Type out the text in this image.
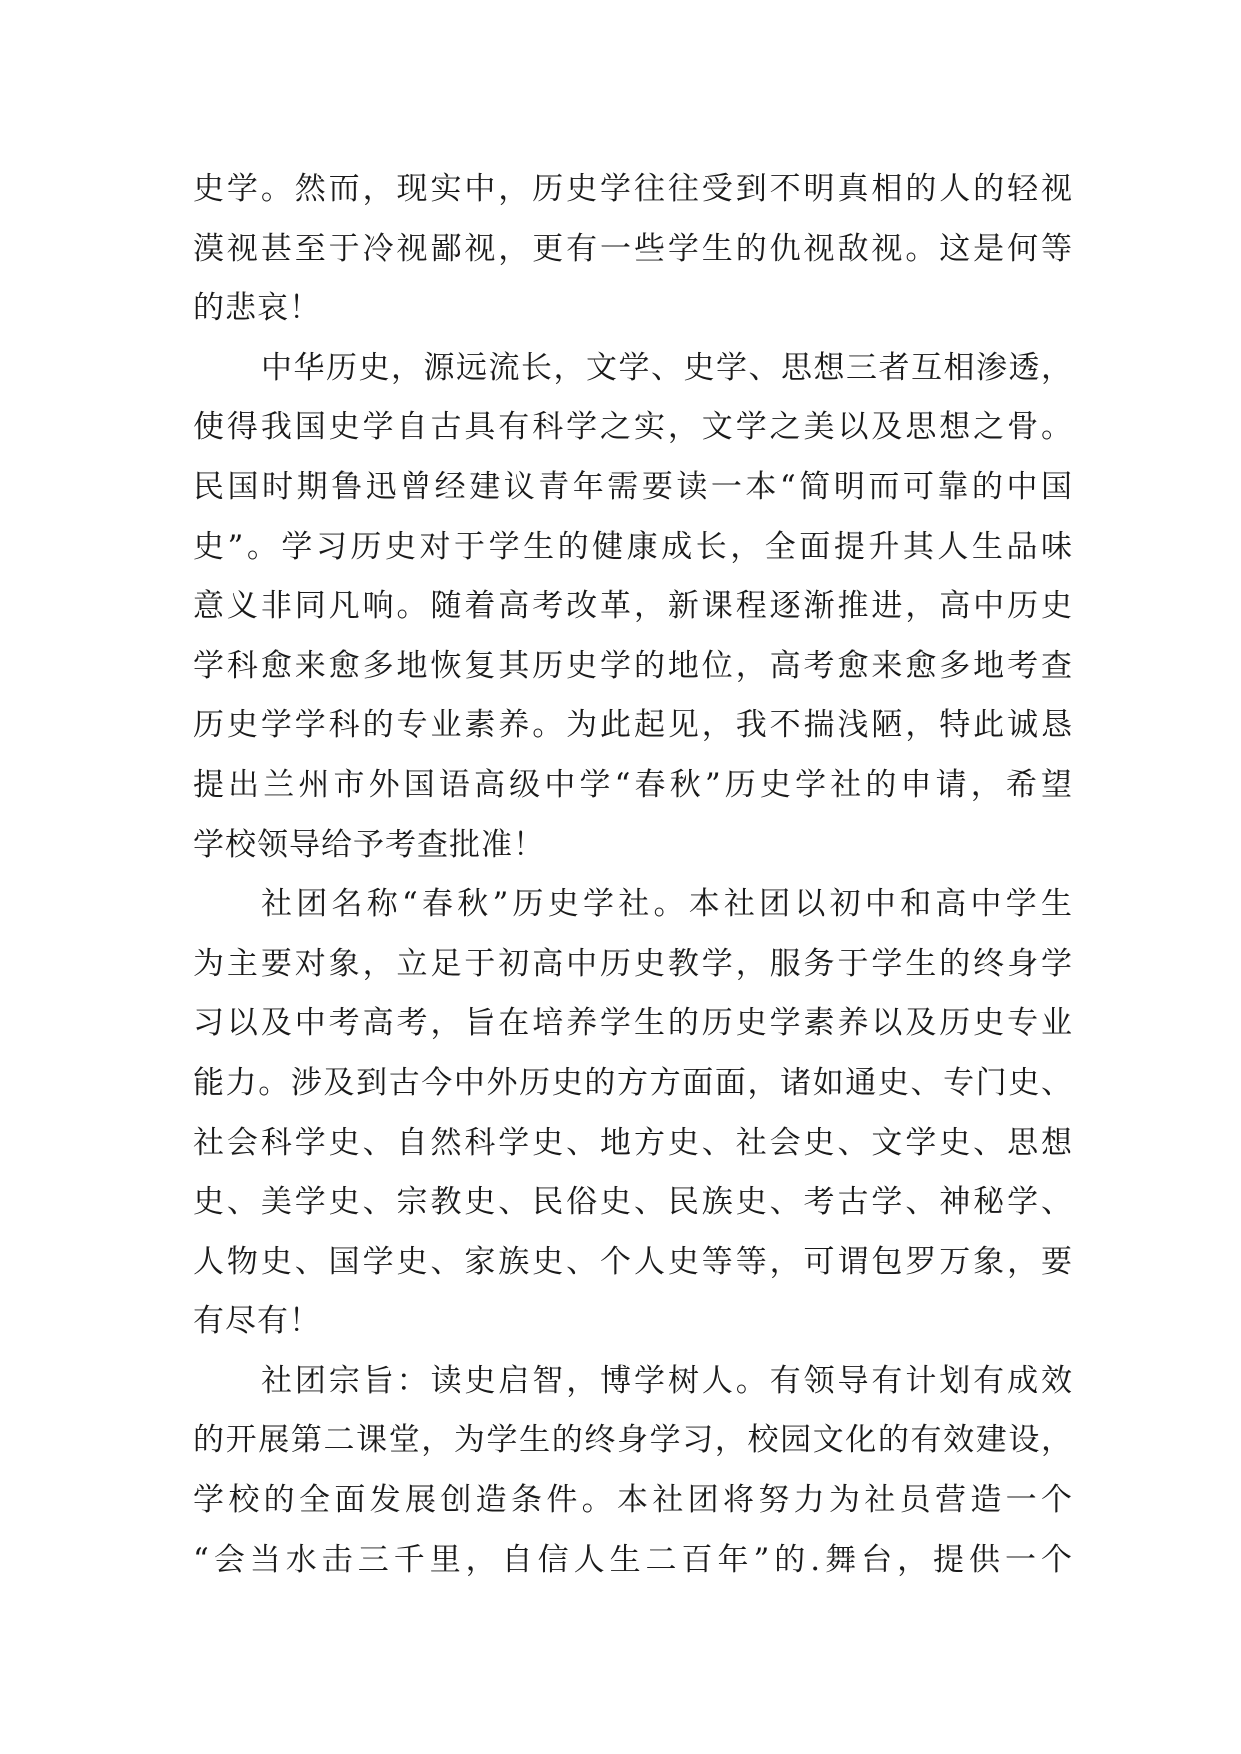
史学。然而，现实中，历史学往往受到不明真相的人的轻视
漠视甚至于冷视鄙视，更有一些学生的仇视敌视。这是何等
的悲哀！
中华历史，源远流长，文学、史学、思想三者互相渗透，
使得我国史学自古具有科学之实，文学之美以及思想之骨。
民国时期鲁迅曾经建议青年需要读一本“简明而可靠的中国
史”。学习历史对于学生的健康成长，全面提升其人生品味
意义非同凡响。随着高考改革，新课程逐渐推进，高中历史
学科愈来愈多地恢复其历史学的地位，高考愈来愈多地考查
历史学学科的专业素养。为此起见，我不揣浅陋，特此诚恳
提出兰州市外国语高级中学“春秋”历史学社的申请，希望
学校领导给予考查批准！
社团名称“春秋”历史学社。本社团以初中和高中学生
为主要对象，立足于初高中历史教学，服务于学生的终身学
习以及中考高考，旨在培养学生的历史学素养以及历史专业
能力。涉及到古今中外历史的方方面面，诸如通史、专门史、
社会科学史、自然科学史、地方史、社会史、文学史、思想
史、美学史、宗教史、民俗史、民族史、考古学、神秘学、
人物史、国学史、家族史、个人史等等，可谓包罗万象，要
有尽有！
社团宗旨：读史启智，博学树人。有领导有计划有成效
的开展第二课堂，为学生的终身学习，校园文化的有效建设，
学校的全面发展创造条件。本社团将努力为社员营造一个
“会当水击三千里，自信人生二百年”的.舞台，提供一个
